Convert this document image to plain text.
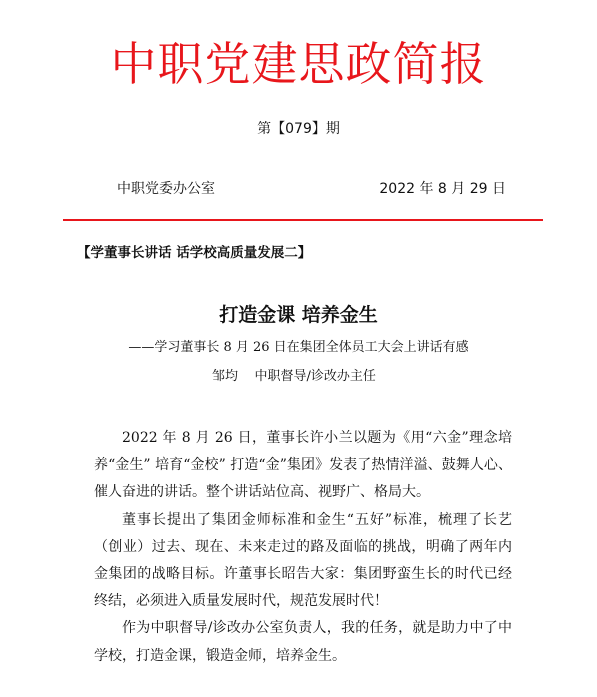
中职党建思政简报
第【079】期
中职党委办公室	2022 年 8 月 29 日
【学董事长讲话 话学校高质量发展二】
打造金课 培养金生
——学习董事长 8 月 26 日在集团全体员工大会上讲话有感
邹均    中职督导/诊改办主任

2022 年 8 月 26 日，董事长许小兰以题为《用“六金”理念培养“金生” 培育“金校” 打造“金”集团》发表了热情洋溢、鼓舞人心、催人奋进的讲话。整个讲话站位高、视野广、格局大。

董事长提出了集团金师标准和金生“五好”标准，梳理了长艺（创业）过去、现在、未来走过的路及面临的挑战，明确了两年内金集团的战略目标。许董事长昭告大家：集团野蛮生长的时代已经终结，必须进入质量发展时代，规范发展时代！

作为中职督导/诊改办公室负责人，我的任务，就是助力中了中学校，打造金课，锻造金师，培养金生。
